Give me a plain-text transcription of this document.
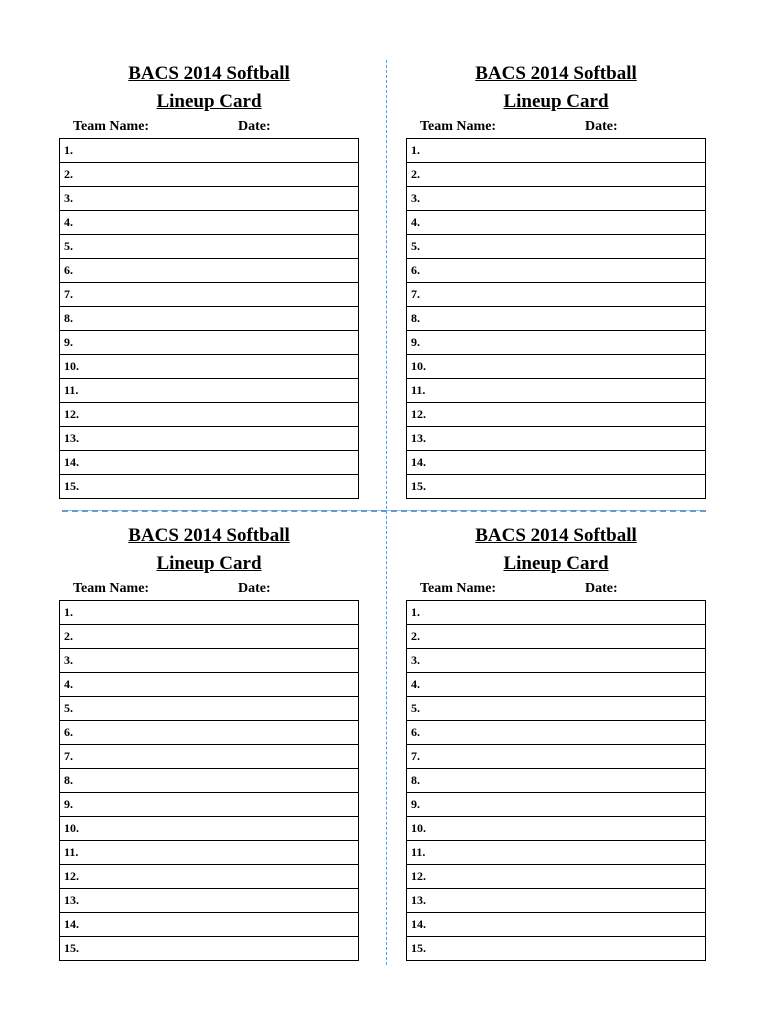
BACS 2014 Softball
Lineup Card
Team Name:	Date:
1.
2.
3.
4.
5.
6.
7.
8.
9.
10.
11.
12.
13.
14.
15.
BACS 2014 Softball
Lineup Card
Team Name:	Date:
1.
2.
3.
4.
5.
6.
7.
8.
9.
10.
11.
12.
13.
14.
15.
BACS 2014 Softball
Lineup Card
Team Name:	Date:
1.
2.
3.
4.
5.
6.
7.
8.
9.
10.
11.
12.
13.
14.
15.
BACS 2014 Softball
Lineup Card
Team Name:	Date:
1.
2.
3.
4.
5.
6.
7.
8.
9.
10.
11.
12.
13.
14.
15.
